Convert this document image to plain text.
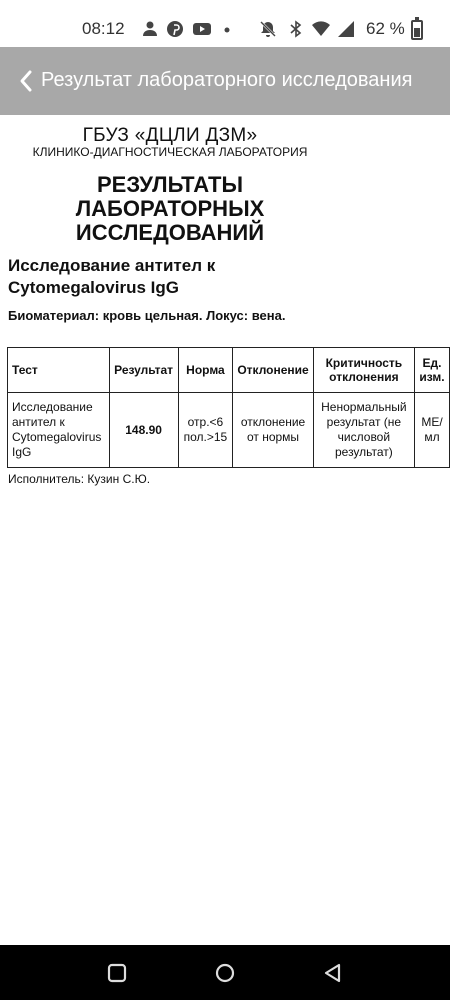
08:12	62 %
Результат лабораторного исследования
ГБУЗ «ДЦЛИ ДЗМ»
КЛИНИКО-ДИАГНОСТИЧЕСКАЯ ЛАБОРАТОРИЯ
РЕЗУЛЬТАТЫ
ЛАБОРАТОРНЫХ
ИССЛЕДОВАНИЙ
Исследование антител к Cytomegalovirus IgG
Биоматериал: кровь цельная. Локус: вена.
Тест	Результат	Норма	Отклонение	Критичность отклонения	Ед. изм.
Исследование антител к Cytomegalovirus IgG	148.90	отр.<6 пол.>15	отклонение от нормы	Ненормальный результат (не числовой результат)	МЕ/мл
Исполнитель: Кузин С.Ю.
